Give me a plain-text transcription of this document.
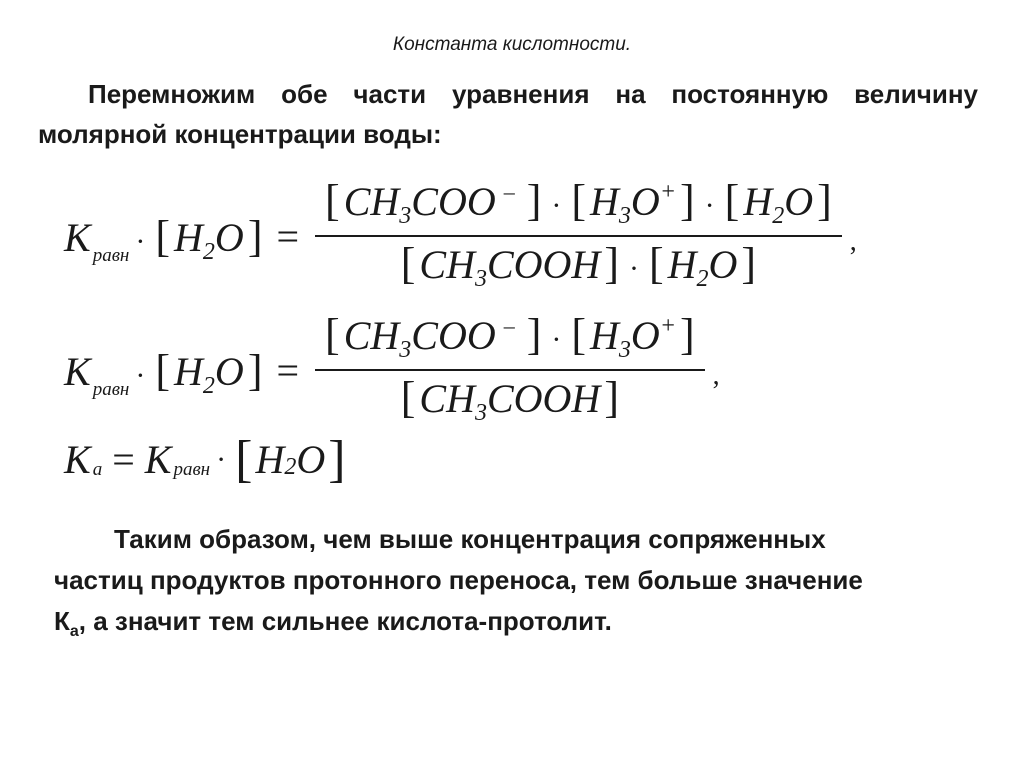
Константа кислотности.
Перемножим обе части уравнения на постоянную величину молярной концентрации воды:
K равн · [ H 2 O ] = $\frac{[ CH_3COO ^- ] \cdot [ H_3O^+] \cdot [ H_2O]}{[ CH_3COOH] \cdot [ H_2O]}$ ,
K равн · [ H 2 O ] = $\frac{[ CH_3COO ^- ] \cdot [ H_3O^+]}{[ CH_3COOH]}$ ,
K a = K равн · [ H 2 O ]
Таким образом, чем выше концентрация сопряженных частиц продуктов протонного переноса, тем больше значение $К_а$, а значит тем сильнее кислота-протолит.
